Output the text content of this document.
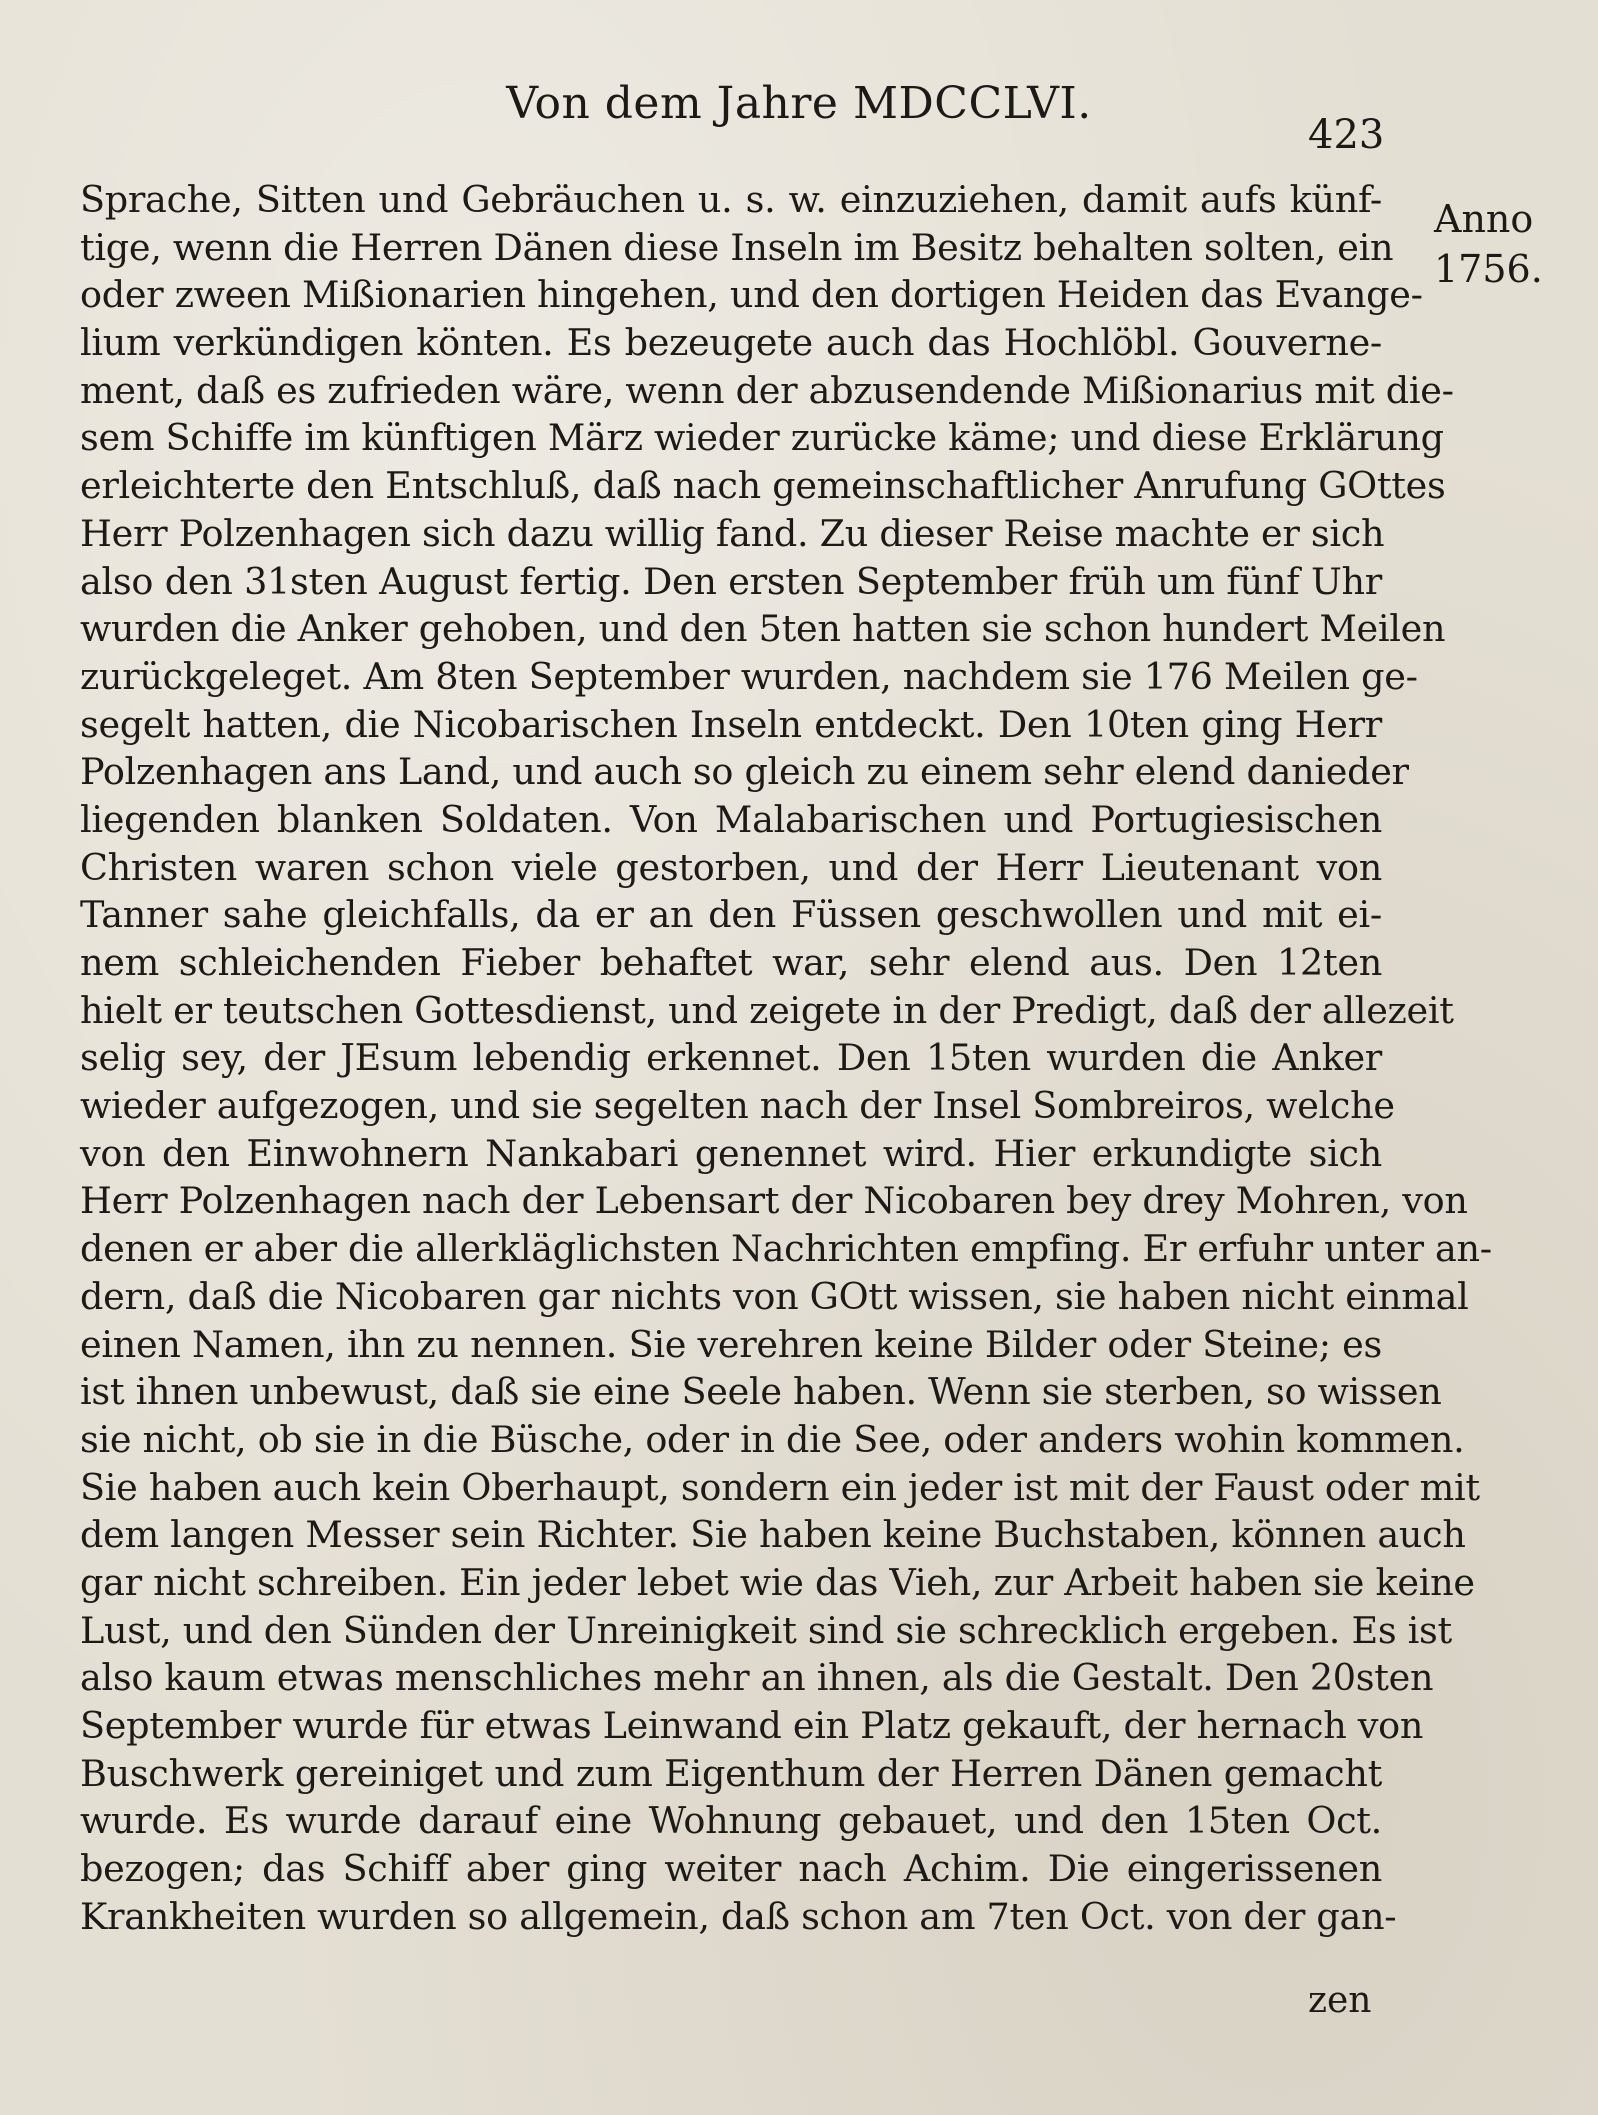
Von dem Jahre MDCCLVI.
423
Anno
1756.
Sprache, Sitten und Gebräuchen u. s. w. einzuziehen, damit aufs künf-
tige, wenn die Herren Dänen diese Inseln im Besitz behalten solten, ein
oder zween Mißionarien hingehen, und den dortigen Heiden das Evange-
lium verkündigen könten. Es bezeugete auch das Hochlöbl. Gouverne-
ment, daß es zufrieden wäre, wenn der abzusendende Mißionarius mit die-
sem Schiffe im künftigen März wieder zurücke käme; und diese Erklärung
erleichterte den Entschluß, daß nach gemeinschaftlicher Anrufung GOttes
Herr Polzenhagen sich dazu willig fand. Zu dieser Reise machte er sich
also den 31sten August fertig. Den ersten September früh um fünf Uhr
wurden die Anker gehoben, und den 5ten hatten sie schon hundert Meilen
zurückgeleget. Am 8ten September wurden, nachdem sie 176 Meilen ge-
segelt hatten, die Nicobarischen Inseln entdeckt. Den 10ten ging Herr
Polzenhagen ans Land, und auch so gleich zu einem sehr elend danieder
liegenden blanken Soldaten. Von Malabarischen und Portugiesischen
Christen waren schon viele gestorben, und der Herr Lieutenant von
Tanner sahe gleichfalls, da er an den Füssen geschwollen und mit ei-
nem schleichenden Fieber behaftet war, sehr elend aus. Den 12ten
hielt er teutschen Gottesdienst, und zeigete in der Predigt, daß der allezeit
selig sey, der JEsum lebendig erkennet. Den 15ten wurden die Anker
wieder aufgezogen, und sie segelten nach der Insel Sombreiros, welche
von den Einwohnern Nankabari genennet wird. Hier erkundigte sich
Herr Polzenhagen nach der Lebensart der Nicobaren bey drey Mohren, von
denen er aber die allerkläglichsten Nachrichten empfing. Er erfuhr unter an-
dern, daß die Nicobaren gar nichts von GOtt wissen, sie haben nicht einmal
einen Namen, ihn zu nennen. Sie verehren keine Bilder oder Steine; es
ist ihnen unbewust, daß sie eine Seele haben. Wenn sie sterben, so wissen
sie nicht, ob sie in die Büsche, oder in die See, oder anders wohin kommen.
Sie haben auch kein Oberhaupt, sondern ein jeder ist mit der Faust oder mit
dem langen Messer sein Richter. Sie haben keine Buchstaben, können auch
gar nicht schreiben. Ein jeder lebet wie das Vieh, zur Arbeit haben sie keine
Lust, und den Sünden der Unreinigkeit sind sie schrecklich ergeben. Es ist
also kaum etwas menschliches mehr an ihnen, als die Gestalt. Den 20sten
September wurde für etwas Leinwand ein Platz gekauft, der hernach von
Buschwerk gereiniget und zum Eigenthum der Herren Dänen gemacht
wurde. Es wurde darauf eine Wohnung gebauet, und den 15ten Oct.
bezogen; das Schiff aber ging weiter nach Achim. Die eingerissenen
Krankheiten wurden so allgemein, daß schon am 7ten Oct. von der gan-
zen
